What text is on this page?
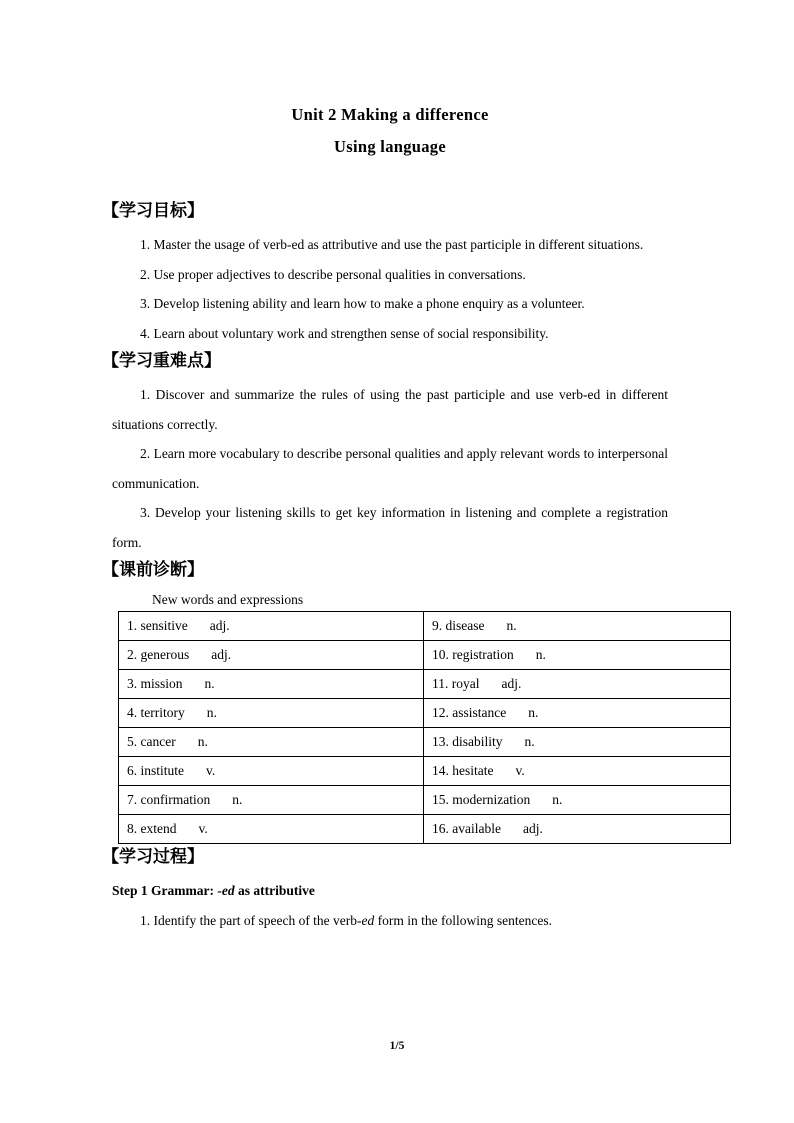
Unit 2 Making a difference
Using language
【学习目标】

1. Master the usage of verb-ed as attributive and use the past participle in different situations.

2. Use proper adjectives to describe personal qualities in conversations.

3. Develop listening ability and learn how to make a phone enquiry as a volunteer.

4. Learn about voluntary work and strengthen sense of social responsibility.

【学习重难点】

1. Discover and summarize the rules of using the past participle and use verb-ed in different situations correctly.

2. Learn more vocabulary to describe personal qualities and apply relevant words to interpersonal communication.

3. Develop your listening skills to get key information in listening and complete a registration form.

【课前诊断】

New words and expressions

1. sensitive adj.	9. disease n.
2. generous adj.	10. registration n.
3. mission n.	11. royal adj.
4. territory n.	12. assistance n.
5. cancer n.	13. disability n.
6. institute v.	14. hesitate v.
7. confirmation n.	15. modernization n.
8. extend v.	16. available adj.
【学习过程】

Step 1 Grammar: -ed as attributive

1. Identify the part of speech of the verb-ed form in the following sentences.

1/5
